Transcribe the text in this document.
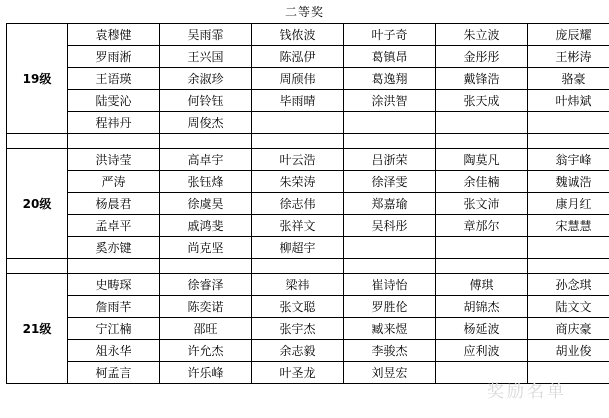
二等奖
19级	袁穆健	吴雨霏	钱侬波	叶子奇	朱立波	庞辰耀
	罗雨淅	王兴国	陈泓伊	葛镇昂	金彤彤	王彬涛
	王语瑛	余淑珍	周颀伟	葛逸翔	戴锋浩	骆豪
	陆雯沁	何铃钰	毕雨晴	涂洪智	张天成	叶炜斌
	程祎丹	周俊杰				

20级	洪诗莹	高卓宇	叶云浩	吕浙荣	陶莫凡	翁宇峰
	严涛	张钰烽	朱荣涛	徐泽雯	余佳楠	魏诚浩
	杨晨君	徐虞昊	徐志伟	郑嘉瑜	张文沛	康月红
	孟卓平	戚鸿斐	张祥文	吴科彤	章邡尔	宋慧慧
	奚亦键	尚克坚	柳超宇			

21级	史畴琛	徐睿泽	梁祎	崔诗怡	傅琪	孙念琪
	詹雨芊	陈奕诺	张文聪	罗胜伦	胡锦杰	陆文文
	宁江楠	邵旺	张宇杰	臧来煜	杨延波	商庆豪
	俎永华	许允杰	余志毅	李骏杰	应利波	胡业俊
	柯孟言	许乐峰	叶圣龙	刘昱宏		
奖励名单
